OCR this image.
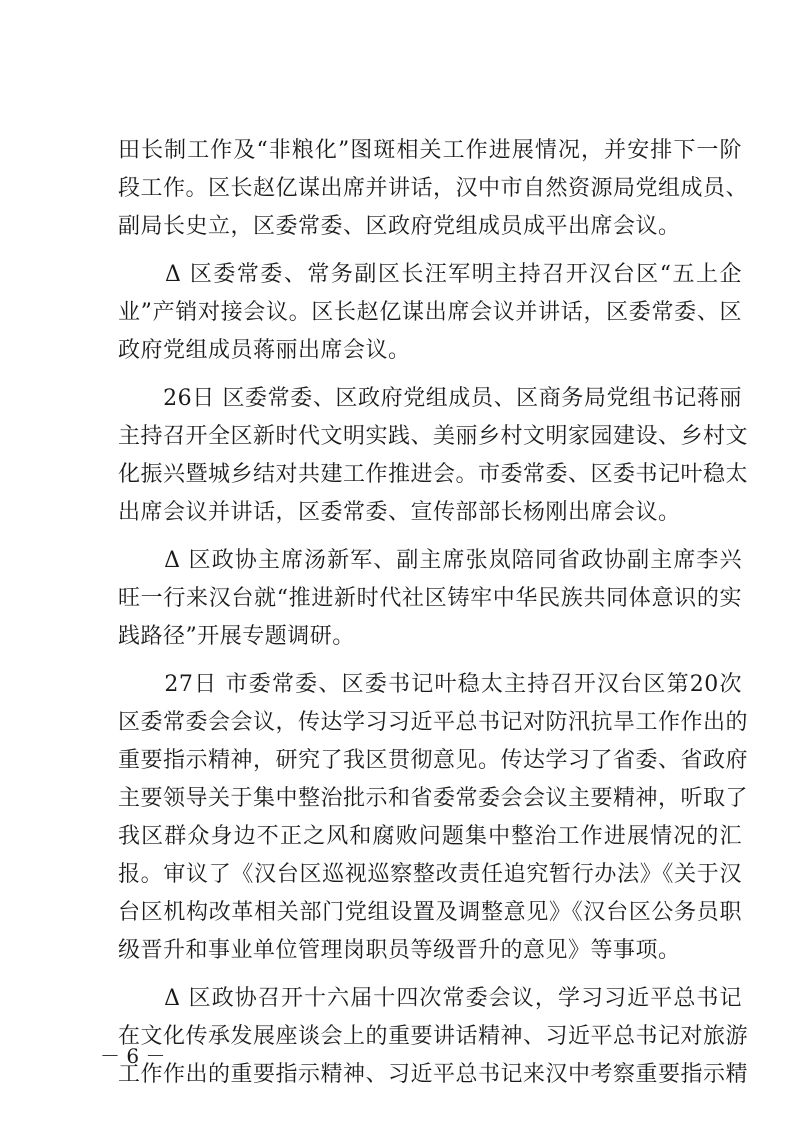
田长制工作及“非粮化”图斑相关工作进展情况，并安排下一阶
段工作。区长赵亿谋出席并讲话，汉中市自然资源局党组成员、
副局长史立，区委常委、区政府党组成员成平出席会议。
　　Δ 区委常委、常务副区长汪军明主持召开汉台区“五上企
业”产销对接会议。区长赵亿谋出席会议并讲话，区委常委、区
政府党组成员蒋丽出席会议。
　　26日 区委常委、区政府党组成员、区商务局党组书记蒋丽
主持召开全区新时代文明实践、美丽乡村文明家园建设、乡村文
化振兴暨城乡结对共建工作推进会。市委常委、区委书记叶稳太
出席会议并讲话，区委常委、宣传部部长杨刚出席会议。
　　Δ 区政协主席汤新军、副主席张岚陪同省政协副主席李兴
旺一行来汉台就“推进新时代社区铸牢中华民族共同体意识的实
践路径”开展专题调研。
　　27日 市委常委、区委书记叶稳太主持召开汉台区第20次
区委常委会会议，传达学习习近平总书记对防汛抗旱工作作出的
重要指示精神，研究了我区贯彻意见。传达学习了省委、省政府
主要领导关于集中整治批示和省委常委会会议主要精神，听取了
我区群众身边不正之风和腐败问题集中整治工作进展情况的汇
报。审议了《汉台区巡视巡察整改责任追究暂行办法》《关于汉
台区机构改革相关部门党组设置及调整意见》《汉台区公务员职
级晋升和事业单位管理岗职员等级晋升的意见》等事项。
　　Δ 区政协召开十六届十四次常委会议，学习习近平总书记
在文化传承发展座谈会上的重要讲话精神、习近平总书记对旅游
工作作出的重要指示精神、习近平总书记来汉中考察重要指示精
－ 6 －
